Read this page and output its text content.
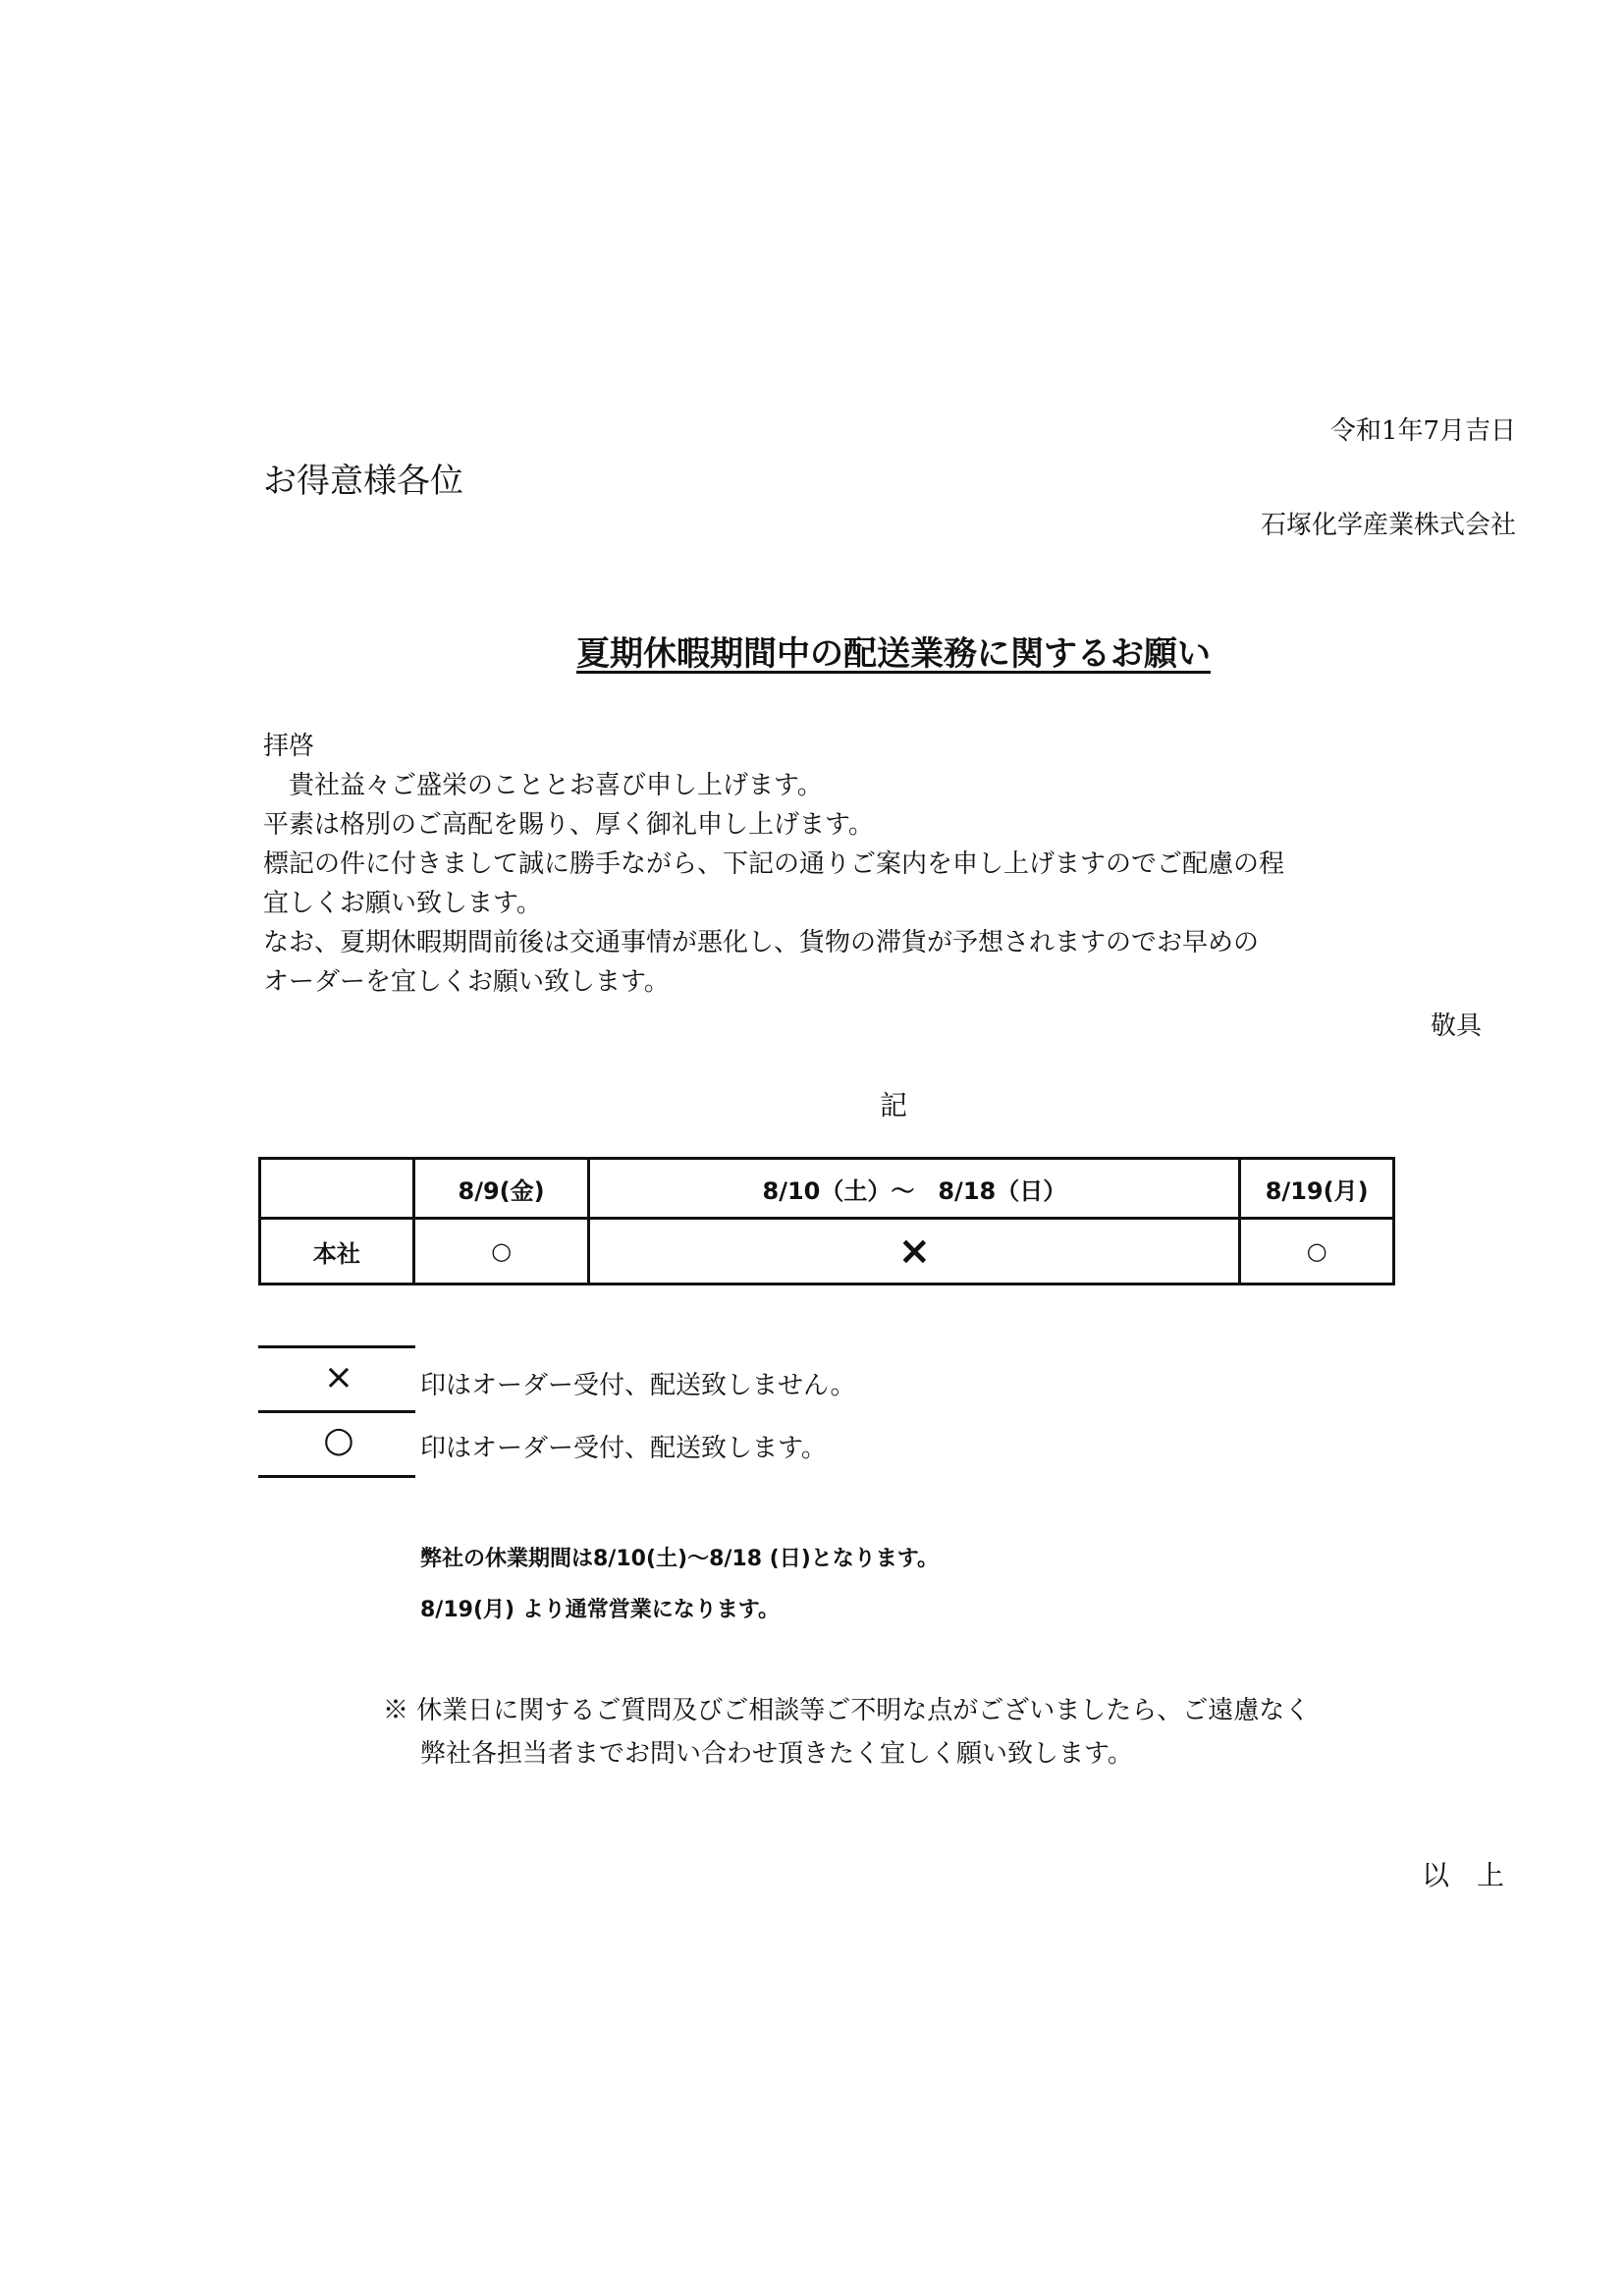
令和1年7月吉日
お得意様各位
石塚化学産業株式会社
夏期休暇期間中の配送業務に関するお願い
拝啓
　貴社益々ご盛栄のこととお喜び申し上げます。
平素は格別のご高配を賜り、厚く御礼申し上げます。
標記の件に付きまして誠に勝手ながら、下記の通りご案内を申し上げますのでご配慮の程
宜しくお願い致します。
なお、夏期休暇期間前後は交通事情が悪化し、貨物の滞貨が予想されますのでお早めの
オーダーを宜しくお願い致します。
敬具
記
	8/9(金)	8/10（土）～　8/18（日）	8/19(月)
本社	○	×	○
×	印はオーダー受付、配送致しません。
○	印はオーダー受付、配送致します。
弊社の休業期間は8/10(土)～8/18 (日)となります。
8/19(月) より通常営業になります。
※ 休業日に関するご質問及びご相談等ご不明な点がございましたら、ご遠慮なく
弊社各担当者までお問い合わせ頂きたく宜しく願い致します。
以　上
